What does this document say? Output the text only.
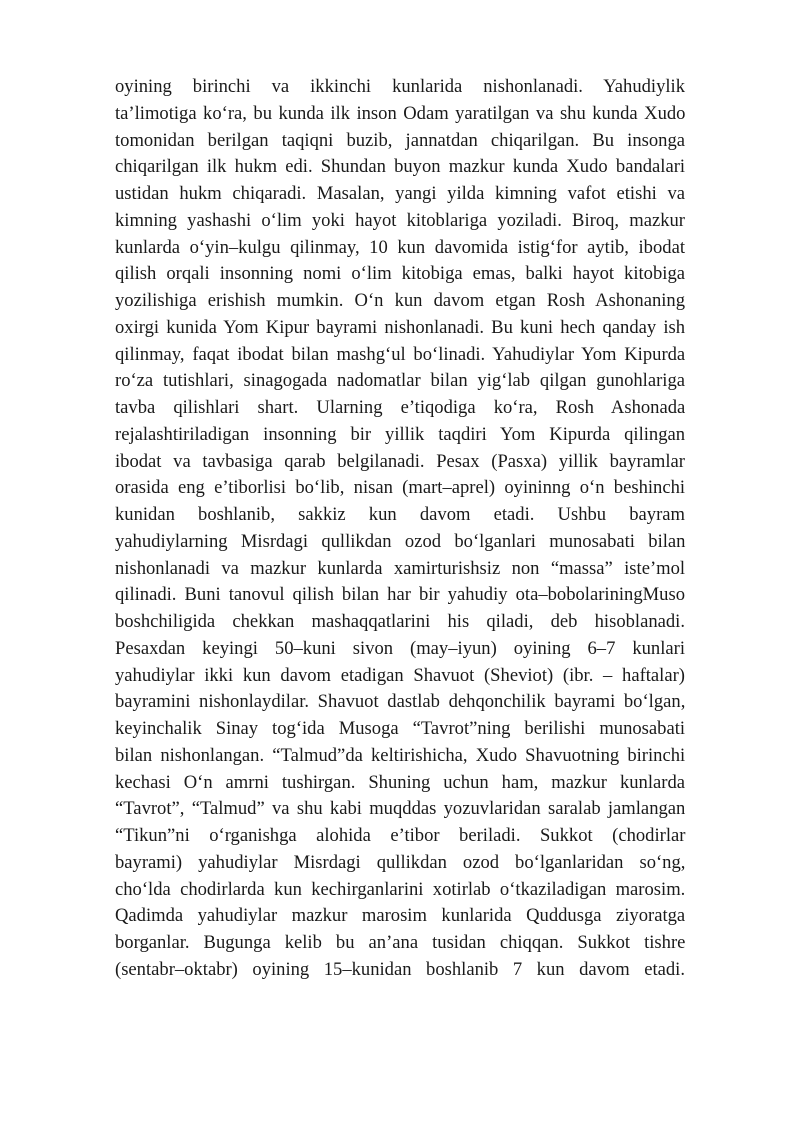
oyining birinchi va ikkinchi kunlarida nishonlanadi. Yahudiylik
ta’limotiga ko‘ra, bu kunda ilk inson Odam yaratilgan va shu kunda Xudo
tomonidan berilgan taqiqni buzib, jannatdan chiqarilgan. Bu insonga
chiqarilgan ilk hukm edi. Shundan buyon mazkur kunda Xudo bandalari
ustidan hukm chiqaradi. Masalan, yangi yilda kimning vafot etishi va
kimning yashashi o‘lim yoki hayot kitoblariga yoziladi. Biroq, mazkur
kunlarda o‘yin–kulgu qilinmay, 10 kun davomida istig‘for aytib, ibodat
qilish orqali insonning nomi o‘lim kitobiga emas, balki hayot kitobiga
yozilishiga erishish mumkin. O‘n kun davom etgan Rosh Ashonaning
oxirgi kunida Yom Kipur bayrami nishonlanadi. Bu kuni hech qanday ish
qilinmay, faqat ibodat bilan mashg‘ul bo‘linadi. Yahudiylar Yom Kipurda
ro‘za tutishlari, sinagogada nadomatlar bilan yig‘lab qilgan gunohlariga
tavba qilishlari shart. Ularning e’tiqodiga ko‘ra, Rosh Ashonada
rejalashtiriladigan insonning bir yillik taqdiri Yom Kipurda qilingan
ibodat va tavbasiga qarab belgilanadi. Pesax (Pasxa) yillik bayramlar
orasida eng e’tiborlisi bo‘lib, nisan (mart–aprel) oyininng o‘n beshinchi
kunidan boshlanib, sakkiz kun davom etadi. Ushbu bayram
yahudiylarning Misrdagi qullikdan ozod bo‘lganlari munosabati bilan
nishonlanadi va mazkur kunlarda xamirturishsiz non “massa” iste’mol
qilinadi. Buni tanovul qilish bilan har bir yahudiy ota–bobolariningMuso
boshchiligida chekkan mashaqqatlarini his qiladi, deb hisoblanadi.
Pesaxdan keyingi 50–kuni sivon (may–iyun) oyining 6–7 kunlari
yahudiylar ikki kun davom etadigan Shavuot (Sheviot) (ibr. – haftalar)
bayramini nishonlaydilar. Shavuot dastlab dehqonchilik bayrami bo‘lgan,
keyinchalik Sinay tog‘ida Musoga “Tavrot”ning berilishi munosabati
bilan nishonlangan. “Talmud”da keltirishicha, Xudo Shavuotning birinchi
kechasi O‘n amrni tushirgan. Shuning uchun ham, mazkur kunlarda
“Tavrot”, “Talmud” va shu kabi muqddas yozuvlaridan saralab jamlangan
“Tikun”ni o‘rganishga alohida e’tibor beriladi. Sukkot (chodirlar
bayrami) yahudiylar Misrdagi qullikdan ozod bo‘lganlaridan so‘ng,
cho‘lda chodirlarda kun kechirganlarini xotirlab o‘tkaziladigan marosim.
Qadimda yahudiylar mazkur marosim kunlarida Quddusga ziyoratga
borganlar. Bugunga kelib bu an’ana tusidan chiqqan. Sukkot tishre
(sentabr–oktabr) oyining 15–kunidan boshlanib 7 kun davom etadi.
